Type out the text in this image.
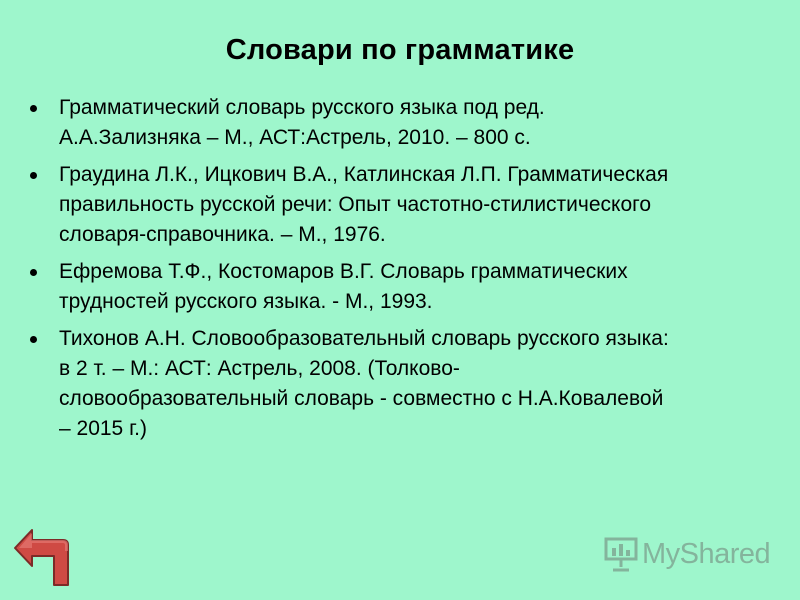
Словари по грамматике
Грамматический словарь русского языка под ред.
А.А.Зализняка – М., АСТ:Астрель, 2010. – 800 с.
Граудина Л.К., Ицкович В.А., Катлинская Л.П. Грамматическая
правильность русской речи: Опыт частотно-стилистического
словаря-справочника. – М., 1976.
Ефремова Т.Ф., Костомаров В.Г. Словарь грамматических
трудностей русского языка. - М., 1993.
Тихонов А.Н. Словообразовательный словарь русского языка:
в 2 т. – М.: АСТ: Астрель, 2008. (Толково-
словообразовательный словарь - совместно с Н.А.Ковалевой
– 2015 г.)
MyShared
